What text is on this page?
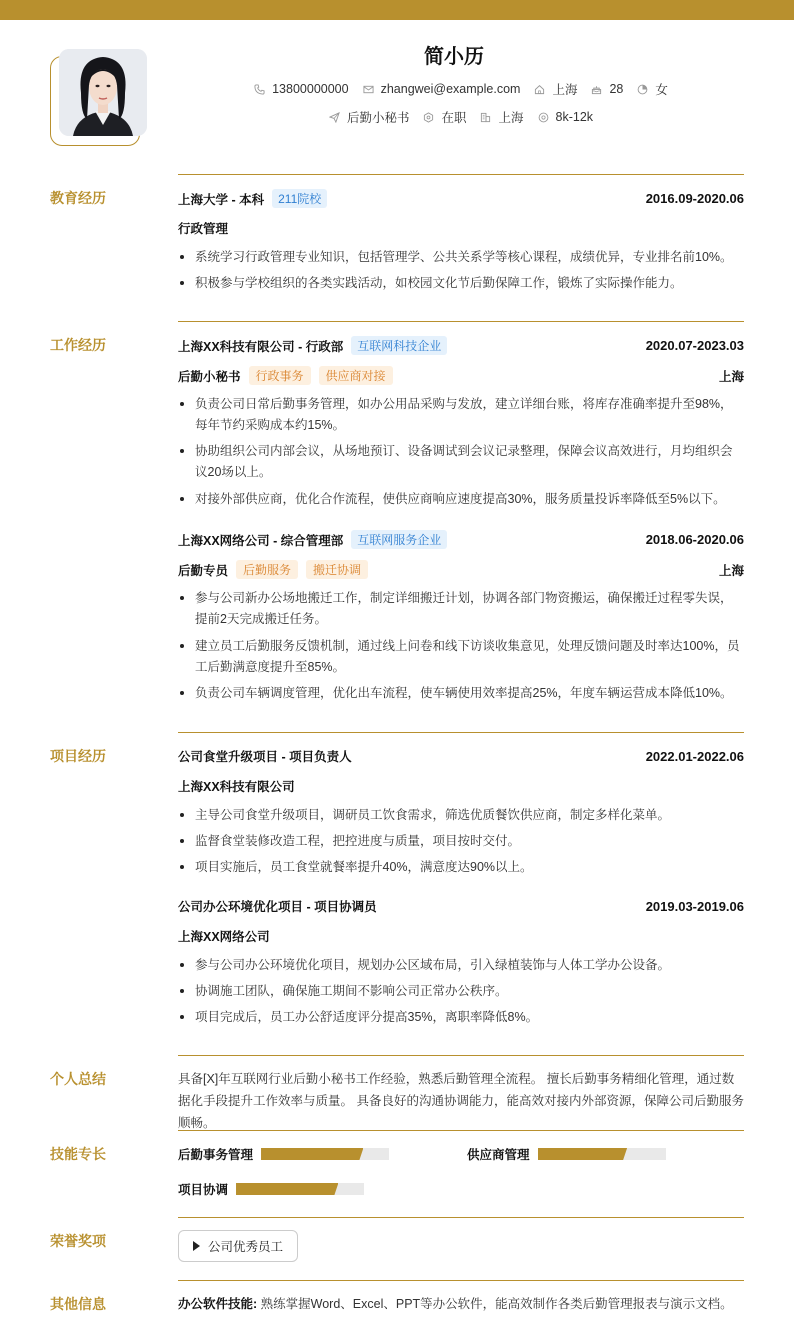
简小历
13800000000	zhangwei@example.com	上海	28	女
后勤小秘书	在职	上海	8k-12k
教育经历	上海大学 - 本科	211院校	2016.09-2020.06
行政管理
系统学习行政管理专业知识，包括管理学、公共关系学等核心课程，成绩优异，专业排名前10%。
积极参与学校组织的各类实践活动，如校园文化节后勤保障工作，锻炼了实际操作能力。
工作经历	上海XX科技有限公司 - 行政部	互联网科技企业	2020.07-2023.03
后勤小秘书	行政事务	供应商对接	上海
负责公司日常后勤事务管理，如办公用品采购与发放，建立详细台账，将库存准确率提升至98%，每年节约采购成本约15%。
协助组织公司内部会议，从场地预订、设备调试到会议记录整理，保障会议高效进行，月均组织会议20场以上。
对接外部供应商，优化合作流程，使供应商响应速度提高30%，服务质量投诉率降低至5%以下。
上海XX网络公司 - 综合管理部	互联网服务企业	2018.06-2020.06
后勤专员	后勤服务	搬迁协调	上海
参与公司新办公场地搬迁工作，制定详细搬迁计划，协调各部门物资搬运，确保搬迁过程零失误，提前2天完成搬迁任务。
建立员工后勤服务反馈机制，通过线上问卷和线下访谈收集意见，处理反馈问题及时率达100%，员工后勤满意度提升至85%。
负责公司车辆调度管理，优化出车流程，使车辆使用效率提高25%，年度车辆运营成本降低10%。
项目经历	公司食堂升级项目 - 项目负责人	2022.01-2022.06
上海XX科技有限公司
主导公司食堂升级项目，调研员工饮食需求，筛选优质餐饮供应商，制定多样化菜单。
监督食堂装修改造工程，把控进度与质量，项目按时交付。
项目实施后，员工食堂就餐率提升40%，满意度达90%以上。
公司办公环境优化项目 - 项目协调员	2019.03-2019.06
上海XX网络公司
参与公司办公环境优化项目，规划办公区域布局，引入绿植装饰与人体工学办公设备。
协调施工团队，确保施工期间不影响公司正常办公秩序。
项目完成后，员工办公舒适度评分提高35%，离职率降低8%。
个人总结	具备[X]年互联网行业后勤小秘书工作经验，熟悉后勤管理全流程。 擅长后勤事务精细化管理，通过数据化手段提升工作效率与质量。 具备良好的沟通协调能力，能高效对接内外部资源，保障公司后勤服务顺畅。
技能专长	后勤事务管理	供应商管理
项目协调
荣誉奖项	公司优秀员工
其他信息	办公软件技能: 熟练掌握Word、Excel、PPT等办公软件，能高效制作各类后勤管理报表与演示文档。
